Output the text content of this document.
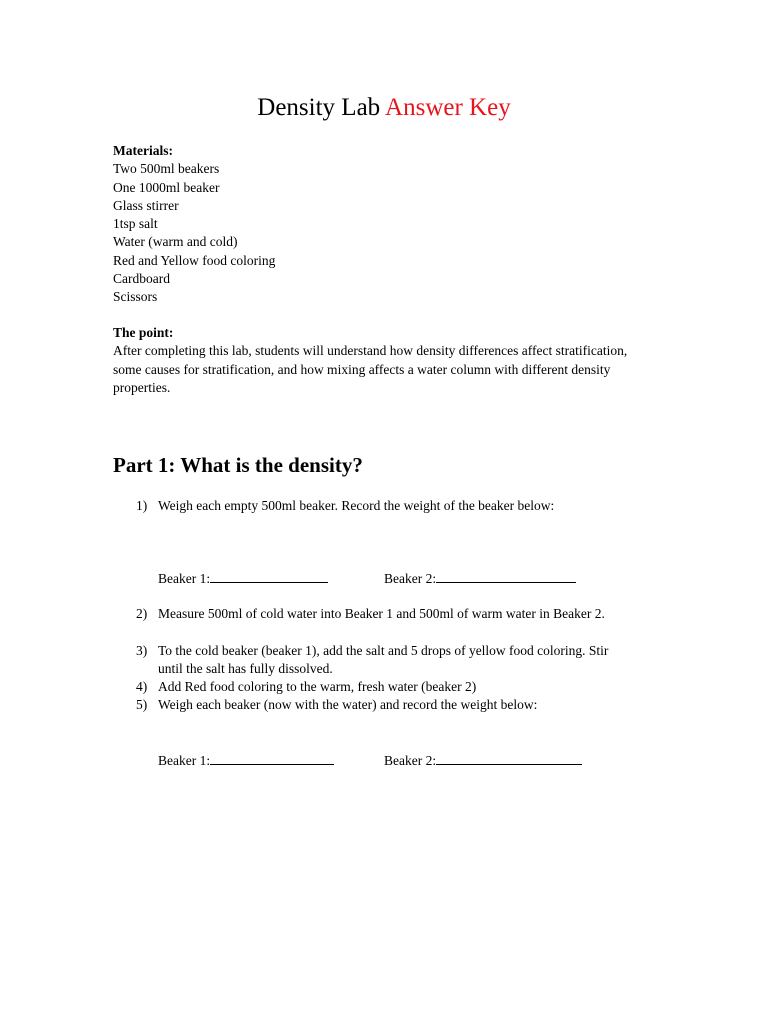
Density Lab Answer Key
Materials:
Two 500ml beakers
One 1000ml beaker
Glass stirrer
1tsp salt
Water (warm and cold)
Red and Yellow food coloring
Cardboard
Scissors
The point:
After completing this lab, students will understand how density differences affect stratification, some causes for stratification, and how mixing affects a water column with different density properties.
Part 1: What is the density?
1) Weigh each empty 500ml beaker. Record the weight of the beaker below:
Beaker 1:	Beaker 2:
2) Measure 500ml of cold water into Beaker 1 and 500ml of warm water in Beaker 2.
3) To the cold beaker (beaker 1), add the salt and 5 drops of yellow food coloring. Stir until the salt has fully dissolved.
4) Add Red food coloring to the warm, fresh water (beaker 2)
5) Weigh each beaker (now with the water) and record the weight below:
Beaker 1:	Beaker 2:
